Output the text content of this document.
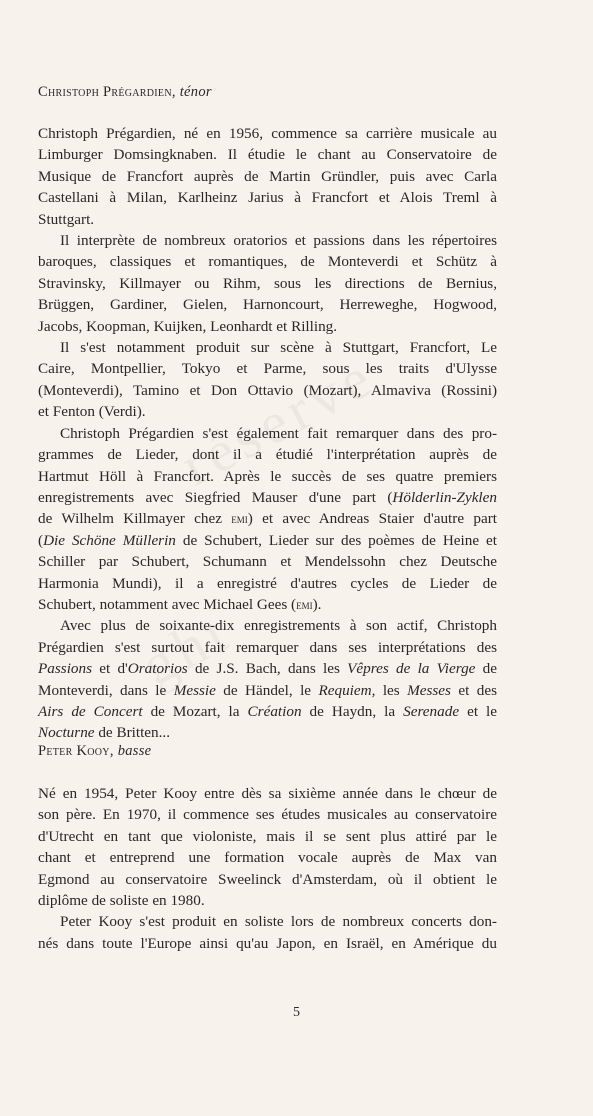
Christoph Prégardien, ténor

Christoph Prégardien, né en 1956, commence sa carrière musicale au
Limburger Domsingknaben. Il étudie le chant au Conservatoire de
Musique de Francfort auprès de Martin Gründler, puis avec Carla
Castellani à Milan, Karlheinz Jarius à Francfort et Alois Treml à
Stuttgart.

Il interprète de nombreux oratorios et passions dans les répertoires
baroques, classiques et romantiques, de Monteverdi et Schütz à
Stravinsky, Killmayer ou Rihm, sous les directions de Bernius,
Brüggen, Gardiner, Gielen, Harnoncourt, Herreweghe, Hogwood,
Jacobs, Koopman, Kuijken, Leonhardt et Rilling.

Il s'est notamment produit sur scène à Stuttgart, Francfort, Le
Caire, Montpellier, Tokyo et Parme, sous les traits d'Ulysse
(Monteverdi), Tamino et Don Ottavio (Mozart), Almaviva (Rossini)
et Fenton (Verdi).

Christoph Prégardien s'est également fait remarquer dans des pro-
grammes de Lieder, dont il a étudié l'interprétation auprès de
Hartmut Höll à Francfort. Après le succès de ses quatre premiers
enregistrements avec Siegfried Mauser d'une part (Hölderlin-Zyklen
de Wilhelm Killmayer chez emi) et avec Andreas Staier d'autre part
(Die Schöne Müllerin de Schubert, Lieder sur des poèmes de Heine et
Schiller par Schubert, Schumann et Mendelssohn chez Deutsche
Harmonia Mundi), il a enregistré d'autres cycles de Lieder de
Schubert, notamment avec Michael Gees (emi).

Avec plus de soixante-dix enregistrements à son actif, Christoph
Prégardien s'est surtout fait remarquer dans ses interprétations des
Passions et d'Oratorios de J.S. Bach, dans les Vêpres de la Vierge de
Monteverdi, dans le Messie de Händel, le Requiem, les Messes et des
Airs de Concert de Mozart, la Création de Haydn, la Serenade et le
Nocturne de Britten...

Peter Kooy, basse

Né en 1954, Peter Kooy entre dès sa sixième année dans le chœur de
son père. En 1970, il commence ses études musicales au conservatoire
d'Utrecht en tant que violoniste, mais il se sent plus attiré par le
chant et entreprend une formation vocale auprès de Max van
Egmond au conservatoire Sweelinck d'Amsterdam, où il obtient le
diplôme de soliste en 1980.

Peter Kooy s'est produit en soliste lors de nombreux concerts don-
nés dans toute l'Europe ainsi qu'au Japon, en Israël, en Amérique du

5
